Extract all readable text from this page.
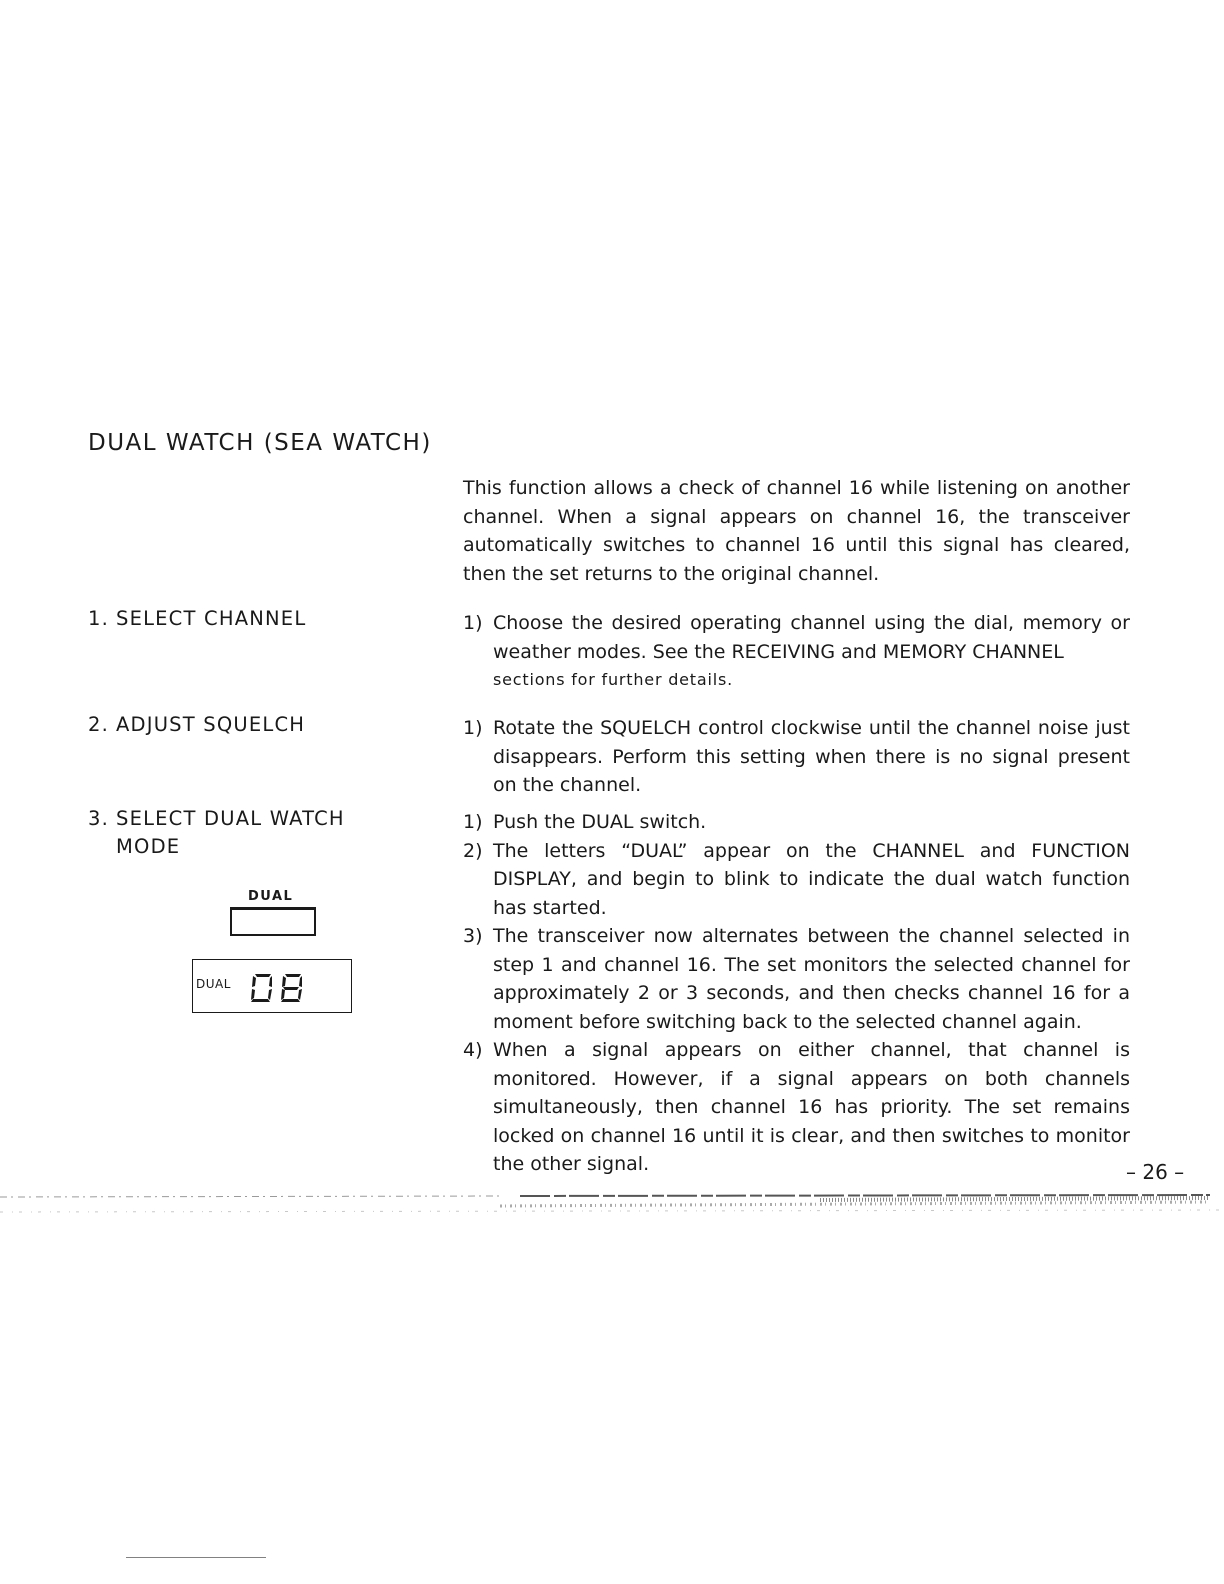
DUAL WATCH (SEA WATCH)

This function allows a check of channel 16 while listening on another channel. When a signal appears on channel 16, the transceiver automatically switches to channel 16 until this signal has cleared, then the set returns to the original channel.

1. SELECT CHANNEL	1) Choose the desired operating channel using the dial, memory or weather modes. See the RECEIVING and MEMORY CHANNEL
sections for further details.
2. ADJUST SQUELCH	1) Rotate the SQUELCH control clockwise until the channel noise just disappears. Perform this setting when there is no signal present on the channel.
3. SELECT DUAL WATCH
MODE
1) Push the DUAL switch.
2) The letters “DUAL” appear on the CHANNEL and FUNCTION DISPLAY, and begin to blink to indicate the dual watch function has started.
3) The transceiver now alternates between the channel selected in step 1 and channel 16. The set monitors the selected channel for approximately 2 or 3 seconds, and then checks channel 16 for a moment before switching back to the selected channel again.
4) When a signal appears on either channel, that channel is monitored. However, if a signal appears on both channels simultaneously, then channel 16 has priority. The set remains locked on channel 16 until it is clear, and then switches to monitor the other signal.
DUAL
DUAL
– 26 –
